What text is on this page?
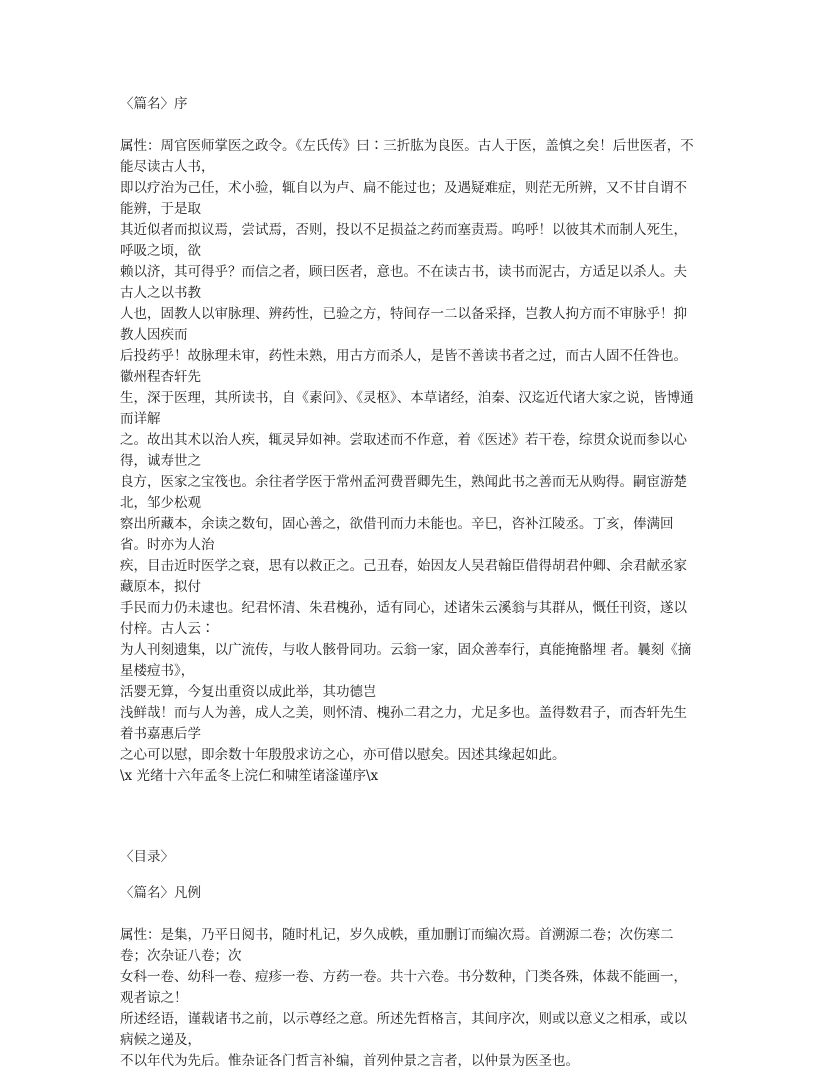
〈篇名〉序

属性：周官医师掌医之政令。《左氏传》曰∶三折肱为良医。古人于医，盖慎之矣！后世医者，不能尽读古人书，
即以疗治为己任，术小验，辄自以为卢、扁不能过也；及遇疑难症，则茫无所辨，又不甘自谓不能辨，于是取
其近似者而拟议焉，尝试焉，否则，投以不足损益之药而塞责焉。呜呼！以彼其术而制人死生，呼吸之顷，欲
赖以济，其可得乎？而信之者，顾曰医者，意也。不在读古书，读书而泥古，方适足以杀人。夫古人之以书教
人也，固教人以审脉理、辨药性，已验之方，特间存一二以备采择，岂教人拘方而不审脉乎！抑教人因疾而
后投药乎！故脉理未审，药性未熟，用古方而杀人，是皆不善读书者之过，而古人固不任咎也。徽州程杏轩先
生，深于医理，其所读书，自《素问》、《灵枢》、本草诸经，洎秦、汉迄近代诸大家之说，皆博通而详解
之。故出其术以治人疾，辄灵异如神。尝取述而不作意，着《医述》若干卷，综贯众说而参以心得，诚寿世之
良方，医家之宝筏也。余往者学医于常州孟河费晋卿先生，熟闻此书之善而无从购得。嗣宦游楚北，邹少松观
察出所藏本，余读之数旬，固心善之，欲借刊而力未能也。辛巳，咨补江陵丞。丁亥，俸满回省。时亦为人治
疾，目击近时医学之衰，思有以救正之。己丑春，始因友人吴君翰臣借得胡君仲卿、余君献丞家藏原本，拟付
手民而力仍未逮也。纪君怀清、朱君槐孙，适有同心，述诸朱云溪翁与其群从，慨任刊资，遂以付梓。古人云∶
为人刊刻遗集，以广流传，与收人骸骨同功。云翁一家，固众善奉行，真能掩骼埋 者。曩刻《摘星楼痘书》，
活婴无算，今复出重资以成此举，其功德岂
浅鲜哉！而与人为善，成人之美，则怀清、槐孙二君之力，尤足多也。盖得数君子，而杏轩先生着书嘉惠后学
之心可以慰，即余数十年殷殷求访之心，亦可借以慰矣。因述其缘起如此。
\x 光绪十六年孟冬上浣仁和啸笙诸滏谨序\x

〈目录〉

〈篇名〉凡例

属性：是集，乃平日阅书，随时札记，岁久成帙，重加删订而编次焉。首溯源二卷；次伤寒二卷；次杂证八卷；次
女科一卷、幼科一卷、痘疹一卷、方药一卷。共十六卷。书分数种，门类各殊，体裁不能画一，观者谅之！
所述经语，谨载诸书之前，以示尊经之意。所述先哲格言，其间序次，则或以意义之相承，或以病候之递及，
不以年代为先后。惟杂证各门哲言补编，首列仲景之言者，以仲景为医圣也。
